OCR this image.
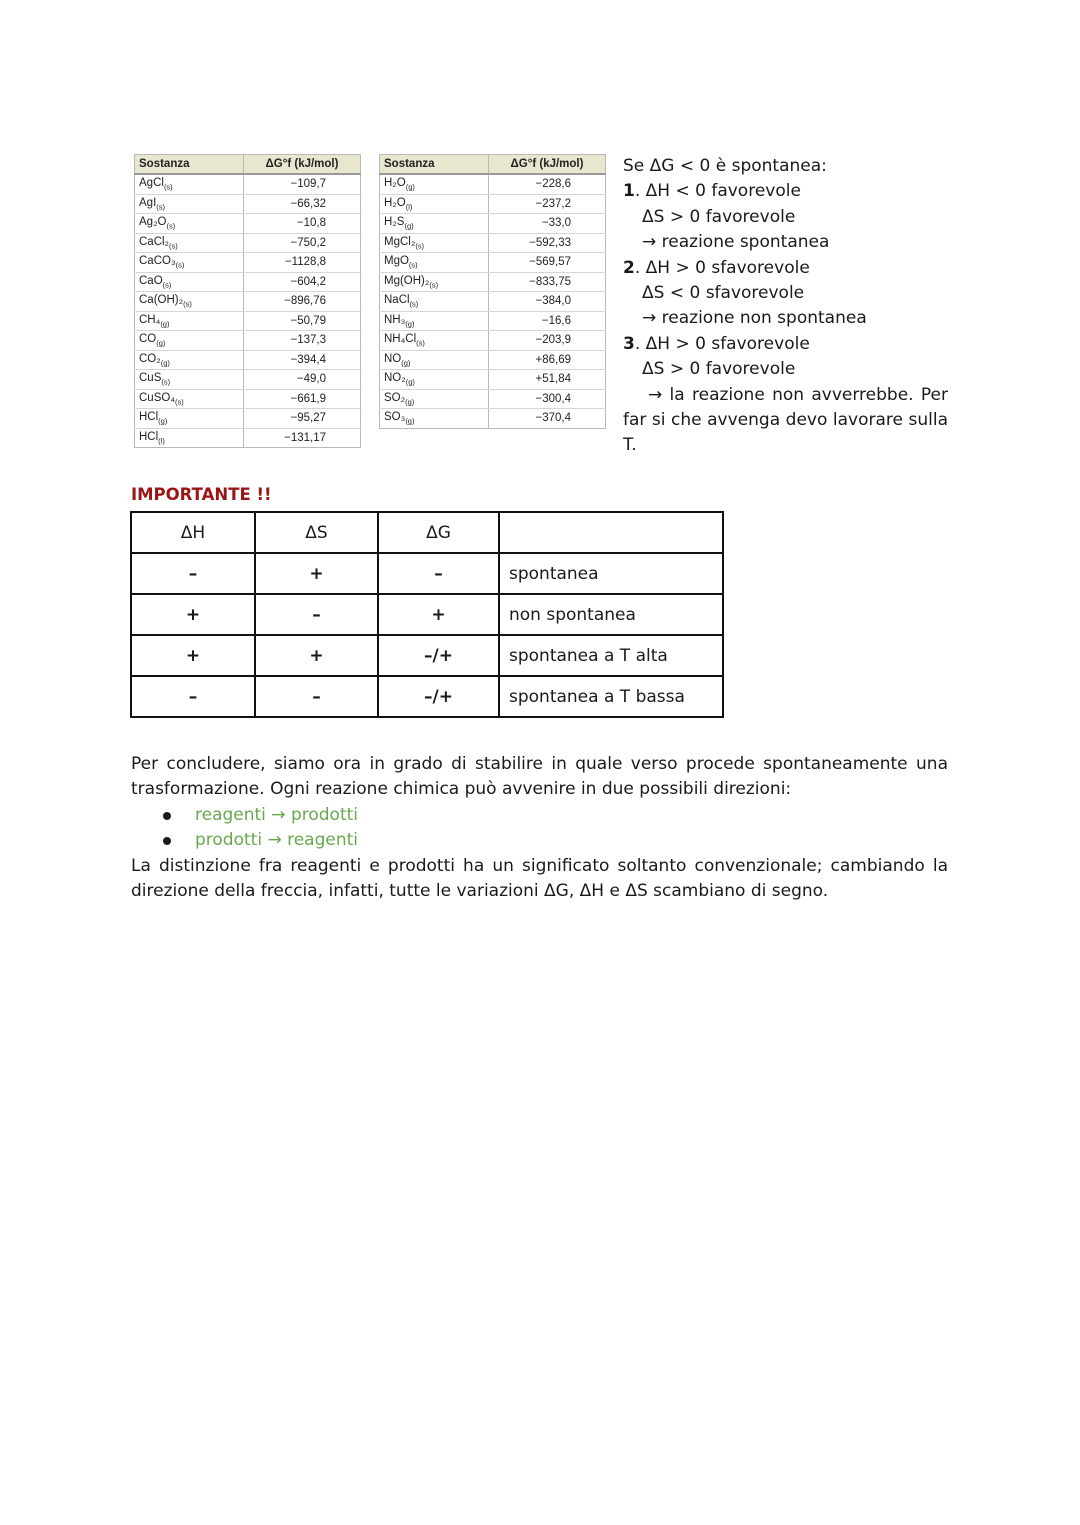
Sostanza	ΔG°f (kJ/mol)
AgCl$_{(s)}$	−109,7
AgI$_{(s)}$	−66,32
$Ag_2O_{(s)}$	−10,8
$CaCl_2_{(s)}$	−750,2
$CaCO_3_{(s)}$	−1128,8
CaO$_{(s)}$	−604,2
$Ca(OH)_2_{(s)}$	−896,76
$CH_4_{(g)}$	−50,79
$CO_{(g)}$	−137,3
$CO_2_{(g)}$	−394,4
CuS$_{(s)}$	−49,0
$CuSO_4_{(s)}$	−661,9
HCl$_{(g)}$	−95,27
HCl$_{(l)}$	−131,17
Sostanza	ΔG°f (kJ/mol)
$H_2O_{(g)}$	−228,6
$H_2O_{(l)}$	−237,2
$H_2S_{(g)}$	−33,0
$MgCl_2_{(s)}$	−592,33
MgO$_{(s)}$	−569,57
$Mg(OH)_2_{(s)}$	−833,75
NaCl$_{(s)}$	−384,0
$NH_3_{(g)}$	−16,6
$NH_4Cl_{(s)}$	−203,9
$NO_{(g)}$	+86,69
$NO_2_{(g)}$	+51,84
$SO_2_{(g)}$	−300,4
$SO_3_{(g)}$	−370,4

Se ΔG < 0 è spontanea:

1. ΔH < 0 favorevole

ΔS > 0 favorevole

→ reazione spontanea

2. ΔH > 0 sfavorevole

ΔS < 0 sfavorevole

→ reazione non spontanea

3. ΔH > 0 sfavorevole

ΔS > 0 favorevole

→ la reazione non avverrebbe. Per far si che avvenga devo lavorare sulla T.

IMPORTANTE !!

ΔH	ΔS	ΔG	
–	+	–	spontanea
+	–	+	non spontanea
+	+	–/+	spontanea a T alta
–	–	–/+	spontanea a T bassa

Per concludere, siamo ora in grado di stabilire in quale verso procede spontaneamente una trasformazione. Ogni reazione chimica può avvenire in due possibili direzioni:

reagenti → prodotti
prodotti → reagenti

La distinzione fra reagenti e prodotti ha un significato soltanto convenzionale; cambiando la direzione della freccia, infatti, tutte le variazioni ΔG, ΔH e ΔS scambiano di segno.
